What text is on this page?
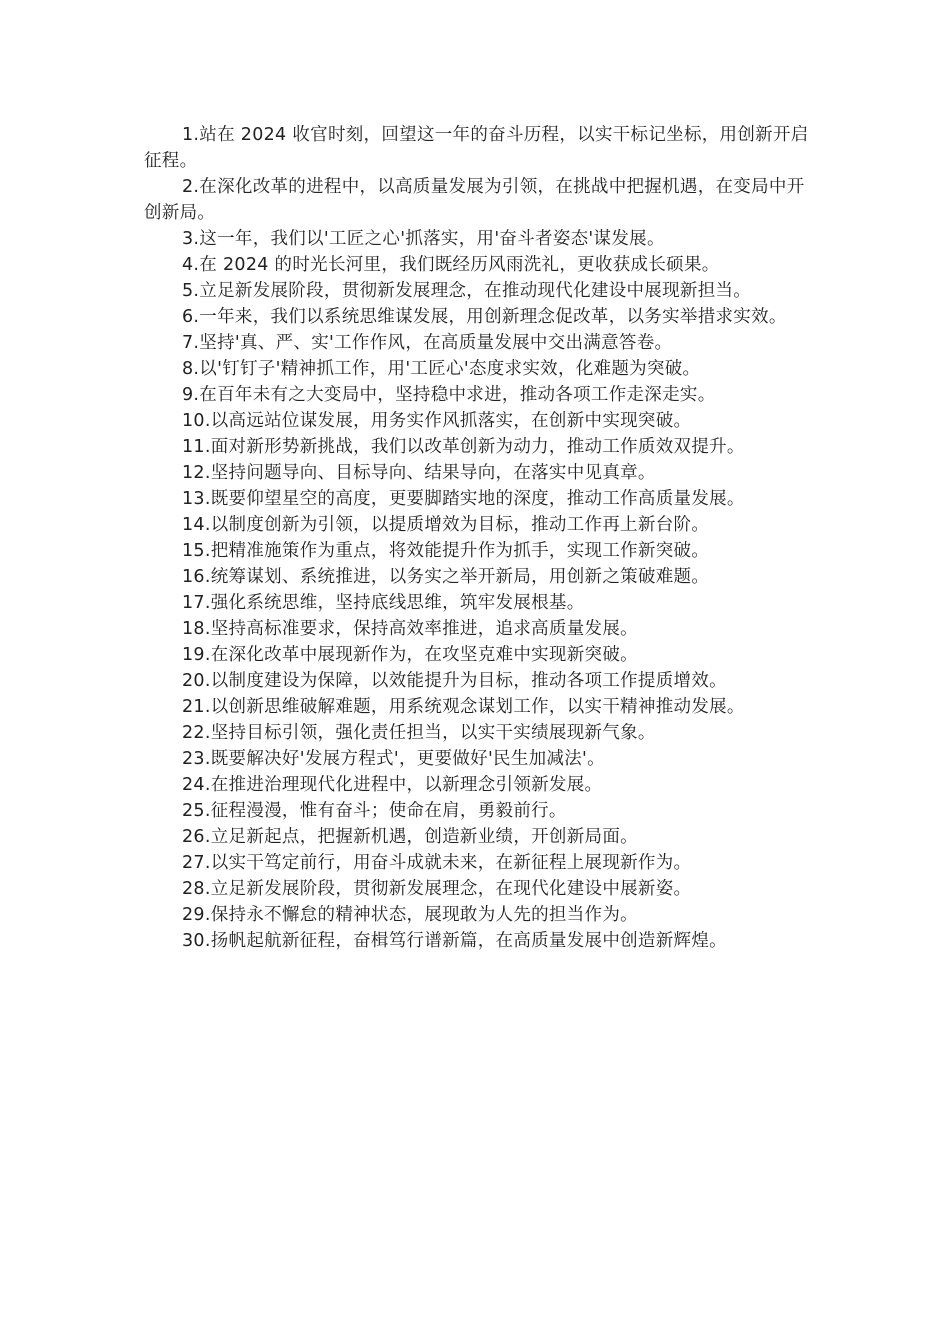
1.站在 2024 收官时刻，回望这一年的奋斗历程，以实干标记坐标，用创新开启征程。

2.在深化改革的进程中，以高质量发展为引领，在挑战中把握机遇，在变局中开创新局。

3.这一年，我们以'工匠之心'抓落实，用'奋斗者姿态'谋发展。

4.在 2024 的时光长河里，我们既经历风雨洗礼，更收获成长硕果。

5.立足新发展阶段，贯彻新发展理念，在推动现代化建设中展现新担当。

6.一年来，我们以系统思维谋发展，用创新理念促改革，以务实举措求实效。

7.坚持'真、严、实'工作作风，在高质量发展中交出满意答卷。

8.以'钉钉子'精神抓工作，用'工匠心'态度求实效，化难题为突破。

9.在百年未有之大变局中，坚持稳中求进，推动各项工作走深走实。

10.以高远站位谋发展，用务实作风抓落实，在创新中实现突破。

11.面对新形势新挑战，我们以改革创新为动力，推动工作质效双提升。

12.坚持问题导向、目标导向、结果导向，在落实中见真章。

13.既要仰望星空的高度，更要脚踏实地的深度，推动工作高质量发展。

14.以制度创新为引领，以提质增效为目标，推动工作再上新台阶。

15.把精准施策作为重点，将效能提升作为抓手，实现工作新突破。

16.统筹谋划、系统推进，以务实之举开新局，用创新之策破难题。

17.强化系统思维，坚持底线思维，筑牢发展根基。

18.坚持高标准要求，保持高效率推进，追求高质量发展。

19.在深化改革中展现新作为，在攻坚克难中实现新突破。

20.以制度建设为保障，以效能提升为目标，推动各项工作提质增效。

21.以创新思维破解难题，用系统观念谋划工作，以实干精神推动发展。

22.坚持目标引领，强化责任担当，以实干实绩展现新气象。

23.既要解决好'发展方程式'，更要做好'民生加减法'。

24.在推进治理现代化进程中，以新理念引领新发展。

25.征程漫漫，惟有奋斗；使命在肩，勇毅前行。

26.立足新起点，把握新机遇，创造新业绩，开创新局面。

27.以实干笃定前行，用奋斗成就未来，在新征程上展现新作为。

28.立足新发展阶段，贯彻新发展理念，在现代化建设中展新姿。

29.保持永不懈怠的精神状态，展现敢为人先的担当作为。

30.扬帆起航新征程，奋楫笃行谱新篇，在高质量发展中创造新辉煌。
